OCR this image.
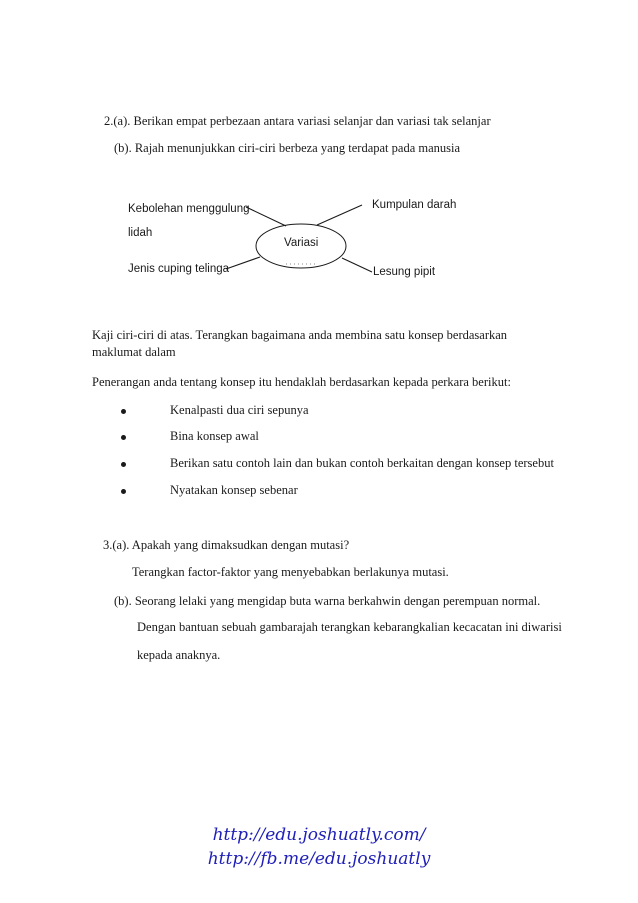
2.(a). Berikan empat perbezaan antara variasi selanjar dan variasi tak selanjar
(b). Rajah menunjukkan ciri-ciri berbeza yang terdapat pada manusia
Variasi
Kebolehan menggulung
lidah
Jenis cuping telinga
Kumpulan darah
Lesung pipit
Kaji ciri-ciri di atas. Terangkan bagaimana anda membina satu konsep berdasarkan
maklumat dalam
Penerangan anda tentang konsep itu hendaklah berdasarkan kepada perkara berikut:
Kenalpasti dua ciri sepunya
Bina konsep awal
Berikan satu contoh lain dan bukan contoh berkaitan dengan konsep tersebut
Nyatakan konsep sebenar
3.(a). Apakah yang dimaksudkan dengan mutasi?
Terangkan factor-faktor yang menyebabkan berlakunya mutasi.
(b). Seorang lelaki yang mengidap buta warna berkahwin dengan perempuan normal.
Dengan bantuan sebuah gambarajah terangkan kebarangkalian kecacatan ini diwarisi
kepada anaknya.
http://edu.joshuatly.com/
http://fb.me/edu.joshuatly
